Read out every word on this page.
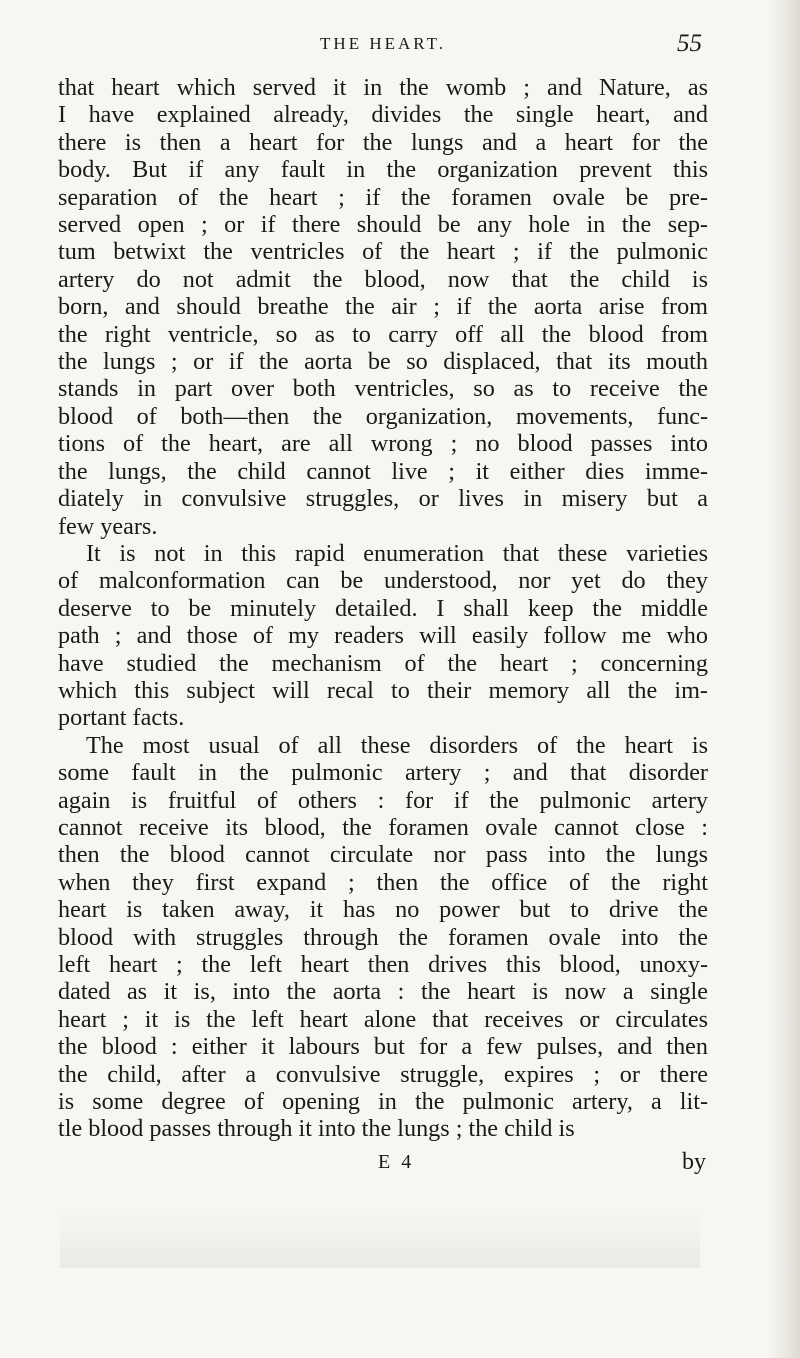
THE HEART.	55

that heart which served it in the womb ; and Nature, as
I have explained already, divides the single heart, and
there is then a heart for the lungs and a heart for the
body. But if any fault in the organization prevent this
separation of the heart ; if the foramen ovale be pre-
served open ; or if there should be any hole in the sep-
tum betwixt the ventricles of the heart ; if the pulmonic
artery do not admit the blood, now that the child is
born, and should breathe the air ; if the aorta arise from
the right ventricle, so as to carry off all the blood from
the lungs ; or if the aorta be so displaced, that its mouth
stands in part over both ventricles, so as to receive the
blood of both—then the organization, movements, func-
tions of the heart, are all wrong ; no blood passes into
the lungs, the child cannot live ; it either dies imme-
diately in convulsive struggles, or lives in misery but a
few years.

It is not in this rapid enumeration that these varieties
of malconformation can be understood, nor yet do they
deserve to be minutely detailed. I shall keep the middle
path ; and those of my readers will easily follow me who
have studied the mechanism of the heart ; concerning
which this subject will recal to their memory all the im-
portant facts.

The most usual of all these disorders of the heart is
some fault in the pulmonic artery ; and that disorder
again is fruitful of others : for if the pulmonic artery
cannot receive its blood, the foramen ovale cannot close :
then the blood cannot circulate nor pass into the lungs
when they first expand ; then the office of the right
heart is taken away, it has no power but to drive the
blood with struggles through the foramen ovale into the
left heart ; the left heart then drives this blood, unoxy-
dated as it is, into the aorta : the heart is now a single
heart ; it is the left heart alone that receives or circulates
the blood : either it labours but for a few pulses, and then
the child, after a convulsive struggle, expires ; or there
is some degree of opening in the pulmonic artery, a lit-
tle blood passes through it into the lungs ; the child is

E 4	by
